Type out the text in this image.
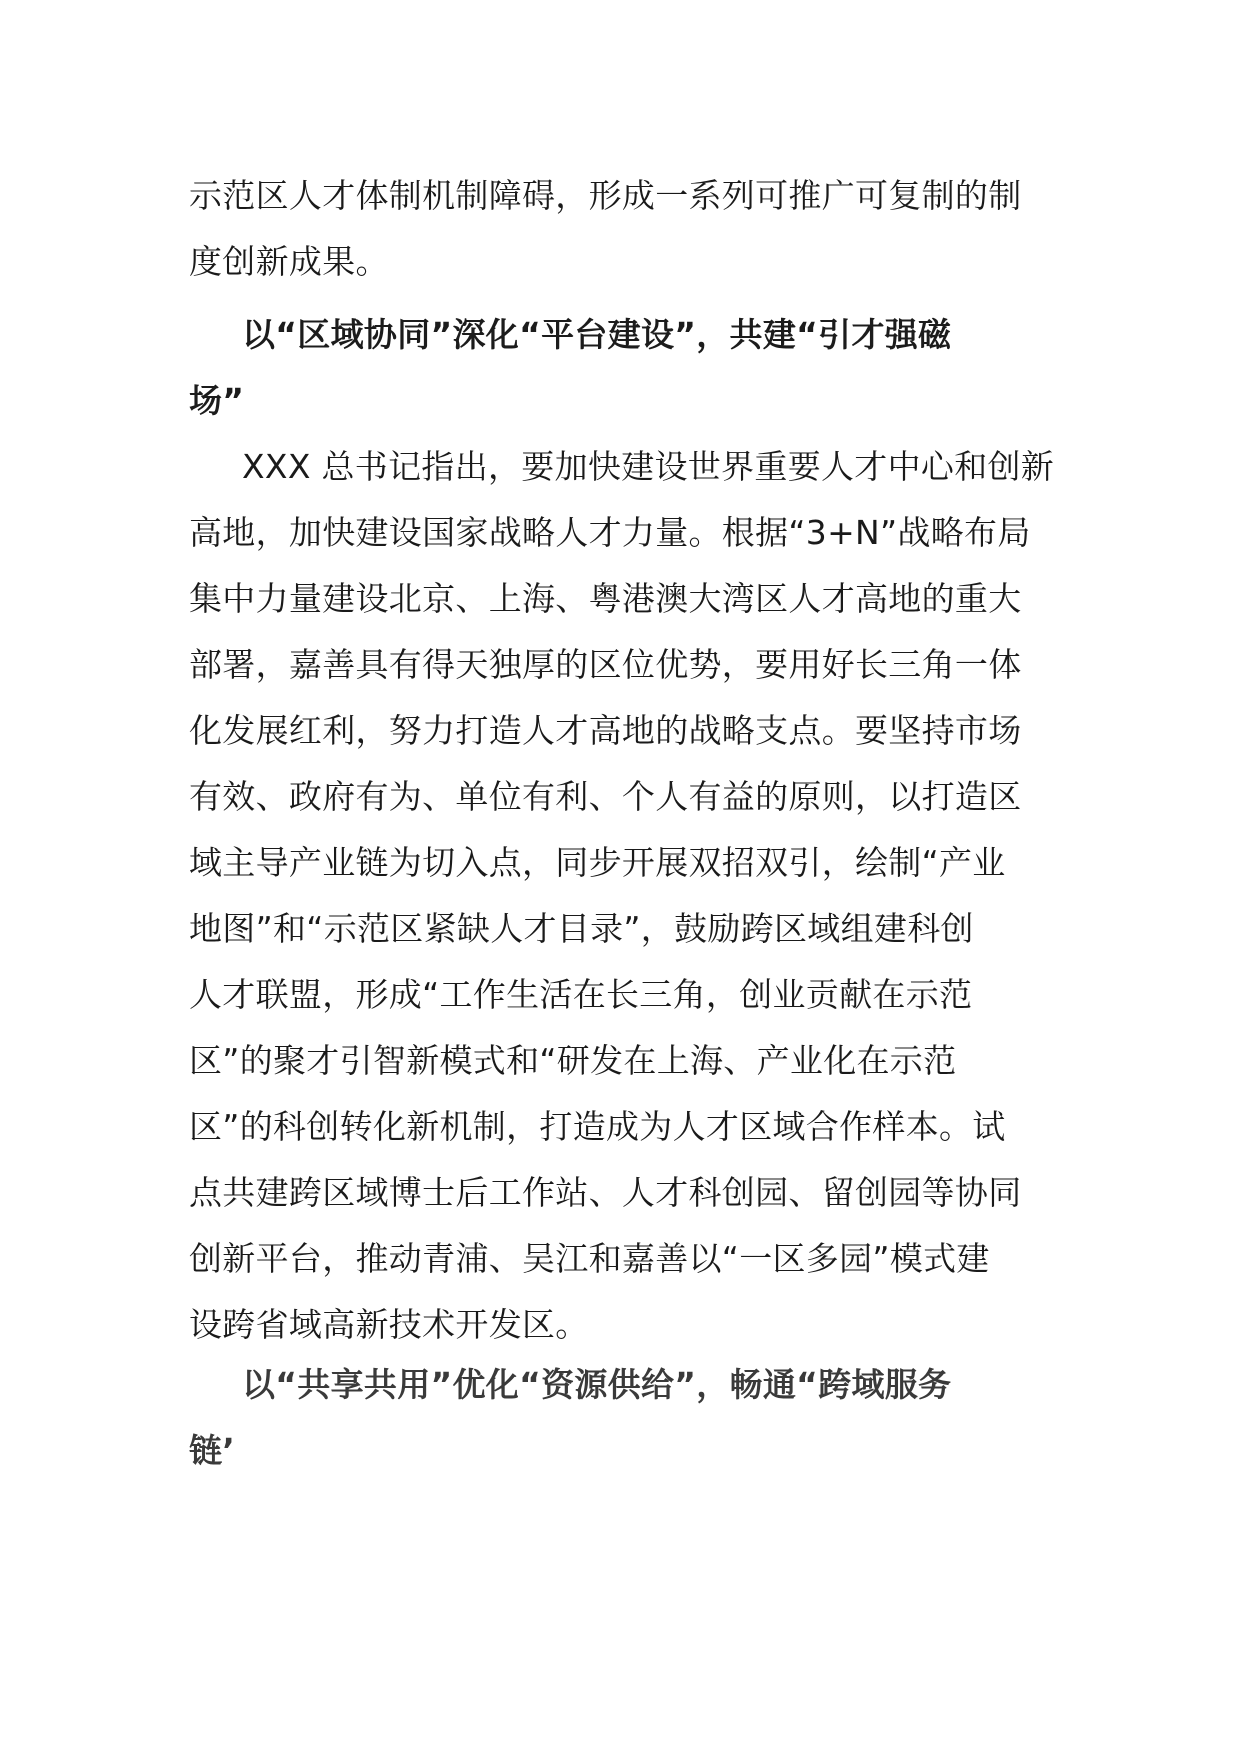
示范区人才体制机制障碍，形成一系列可推广可复制的制
度创新成果。
以“区域协同”深化“平台建设”，共建“引才强磁
场”
XXX 总书记指出，要加快建设世界重要人才中心和创新
高地，加快建设国家战略人才力量。根据“3+N”战略布局
集中力量建设北京、上海、粤港澳大湾区人才高地的重大
部署，嘉善具有得天独厚的区位优势，要用好长三角一体
化发展红利，努力打造人才高地的战略支点。要坚持市场
有效、政府有为、单位有利、个人有益的原则，以打造区
域主导产业链为切入点，同步开展双招双引，绘制“产业
地图”和“示范区紧缺人才目录”，鼓励跨区域组建科创
人才联盟，形成“工作生活在长三角，创业贡献在示范
区”的聚才引智新模式和“研发在上海、产业化在示范
区”的科创转化新机制，打造成为人才区域合作样本。试
点共建跨区域博士后工作站、人才科创园、留创园等协同
创新平台，推动青浦、吴江和嘉善以“一区多园”模式建
设跨省域高新技术开发区。
以“共享共用”优化“资源供给”，畅通“跨域服务
链’
